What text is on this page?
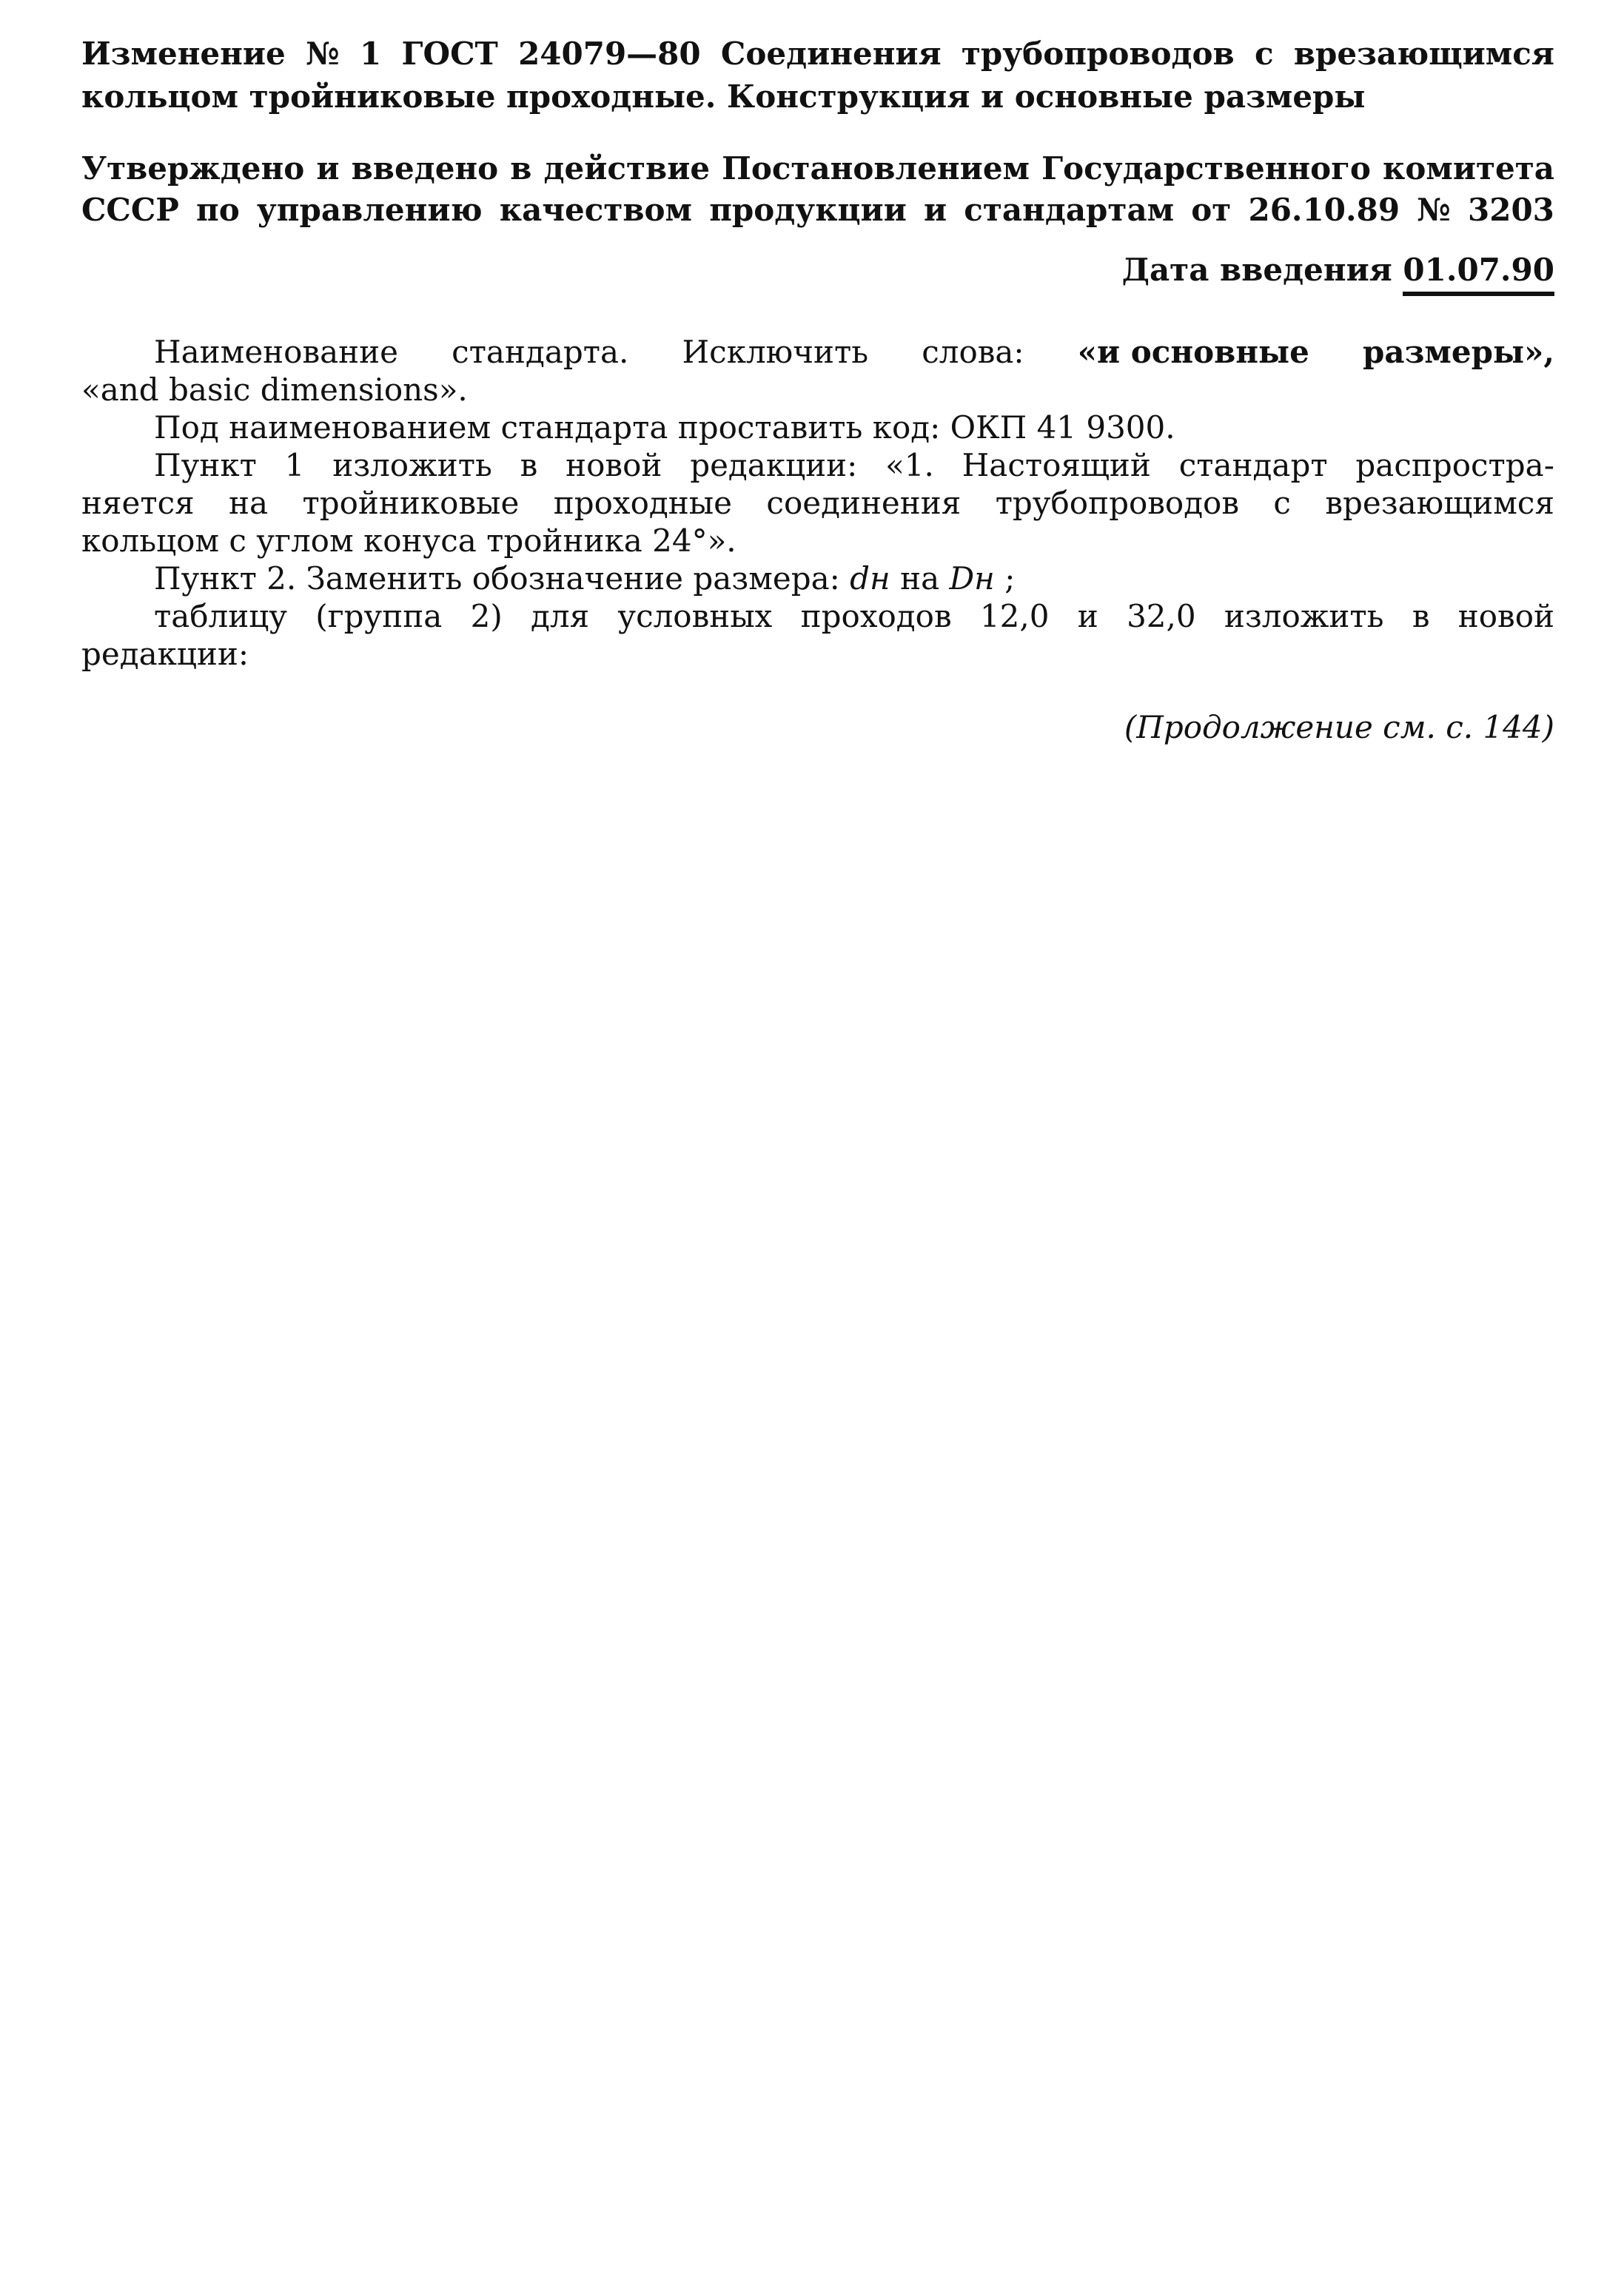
Изменение № 1 ГОСТ 24079—80 Соединения трубопроводов с врезающимся
кольцом тройниковые проходные. Конструкция и основные размеры
Утверждено и введено в действие Постановлением Государственного комитета
СССР по управлению качеством продукции и стандартам от 26.10.89 № 3203
Дата введения 01.07.90
Наименование стандарта. Исключить слова: «и основные размеры»,
«and basic dimensions».
Под наименованием стандарта проставить код: ОКП 41 9300.
Пункт 1 изложить в новой редакции: «1. Настоящий стандарт распростра-
няется на тройниковые проходные соединения трубопроводов с врезающимся
кольцом с углом конуса тройника 24°».
Пункт 2. Заменить обозначение размера: dн на Dн ;
таблицу (группа 2) для условных проходов 12,0 и 32,0 изложить в новой
редакции:
(Продолжение см. с. 144)
